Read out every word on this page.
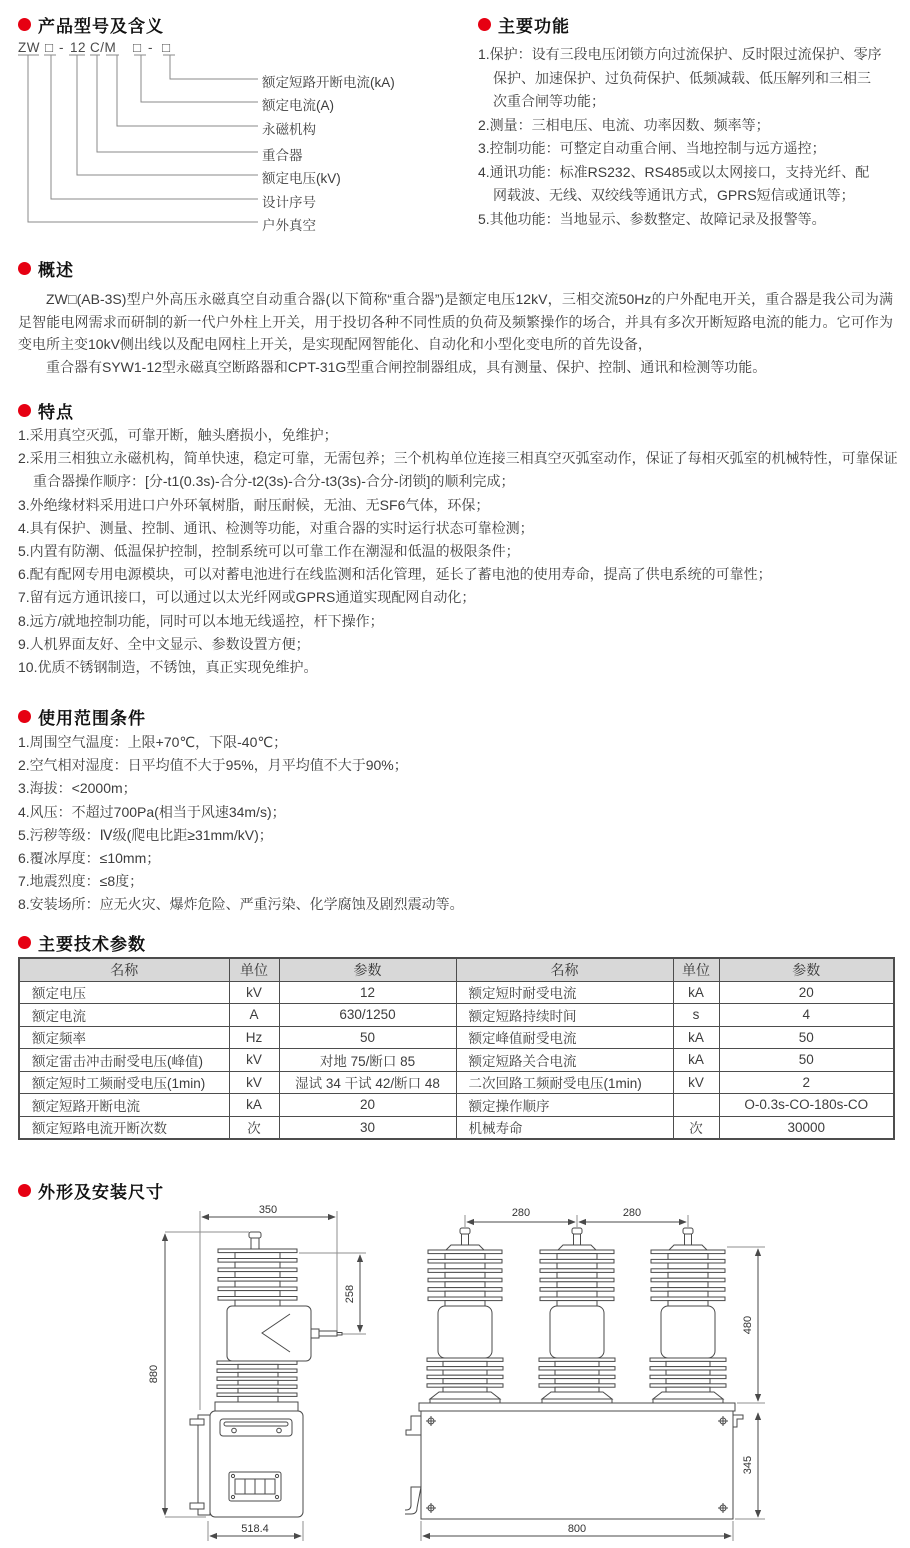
产品型号及含义
ZW □ - 12 C/M □ - □
额定短路开断电流(kA)
额定电流(A)
永磁机构
重合器
额定电压(kV)
设计序号
户外真空
主要功能
1.保护：设有三段电压闭锁方向过流保护、反时限过流保护、零序保护、加速保护、过负荷保护、低频减载、低压解列和三相三次重合闸等功能；
2.测量：三相电压、电流、功率因数、频率等；
3.控制功能：可整定自动重合闸、当地控制与远方遥控；
4.通讯功能：标准RS232、RS485或以太网接口，支持光纤、配网载波、无线、双绞线等通讯方式，GPRS短信或通讯等；
5.其他功能：当地显示、参数整定、故障记录及报警等。
概述

ZW□(AB-3S)型户外高压永磁真空自动重合器(以下简称“重合器”)是额定电压12kV，三相交流50Hz的户外配电开关，重合器是我公司为满足智能电网需求而研制的新一代户外柱上开关，用于投切各种不同性质的负荷及频繁操作的场合，并具有多次开断短路电流的能力。它可作为变电所主变10kV侧出线以及配电网柱上开关，是实现配网智能化、自动化和小型化变电所的首先设备，

重合器有SYW1-12型永磁真空断路器和CPT-31G型重合闸控制器组成，具有测量、保护、控制、通讯和检测等功能。

特点
1.采用真空灭弧，可靠开断，触头磨损小，免维护；
2.采用三相独立永磁机构，简单快速，稳定可靠，无需包养；三个机构单位连接三相真空灭弧室动作，保证了每相灭弧室的机械特性，可靠保证重合器操作顺序：[分-t1(0.3s)-合分-t2(3s)-合分-t3(3s)-合分-闭锁]的顺利完成；
3.外绝缘材料采用进口户外环氧树脂，耐压耐候，无油、无SF6气体，环保；
4.具有保护、测量、控制、通讯、检测等功能，对重合器的实时运行状态可靠检测；
5.内置有防潮、低温保护控制，控制系统可以可靠工作在潮湿和低温的极限条件；
6.配有配网专用电源模块，可以对蓄电池进行在线监测和活化管理，延长了蓄电池的使用寿命，提高了供电系统的可靠性；
7.留有远方通讯接口，可以通过以太光纤网或GPRS通道实现配网自动化；
8.远方/就地控制功能，同时可以本地无线遥控，杆下操作；
9.人机界面友好、全中文显示、参数设置方便；
10.优质不锈钢制造，不锈蚀，真正实现免维护。
使用范围条件
1.周围空气温度：上限+70℃，下限-40℃；
2.空气相对湿度：日平均值不大于95%，月平均值不大于90%；
3.海拔：<2000m；
4.风压：不超过700Pa(相当于风速34m/s)；
5.污秽等级：Ⅳ级(爬电比距≥31mm/kV)；
6.覆冰厚度：≤10mm；
7.地震烈度：≤8度；
8.安装场所：应无火灾、爆炸危险、严重污染、化学腐蚀及剧烈震动等。
主要技术参数
名称	单位	参数	名称	单位	参数
额定电压	kV	12	额定短时耐受电流	kA	20
额定电流	A	630/1250	额定短路持续时间	s	4
额定频率	Hz	50	额定峰值耐受电流	kA	50
额定雷击冲击耐受电压(峰值)	kV	对地 75/断口 85	额定短路关合电流	kA	50
额定短时工频耐受电压(1min)	kV	湿试 34 干试 42/断口 48	二次回路工频耐受电压(1min)	kV	2
额定短路开断电流	kA	20	额定操作顺序		O-0.3s-CO-180s-CO
额定短路电流开断次数	次	30	机械寿命	次	30000
外形及安装尺寸
350
880
258
518.4
280	280
480
345
800
